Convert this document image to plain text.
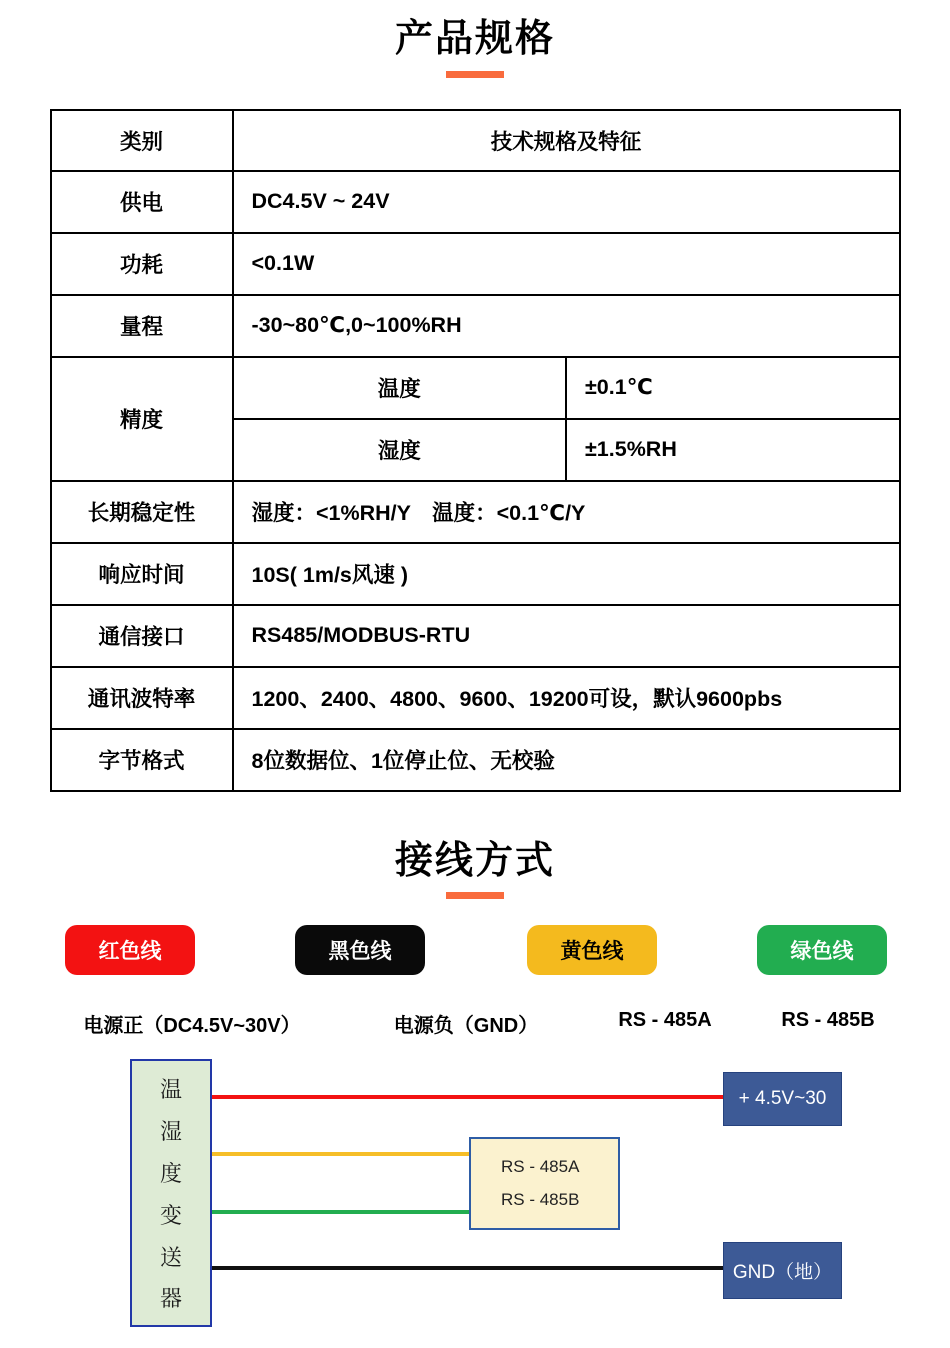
产品规格
类别	技术规格及特征	
供电	DC4.5V ~ 24V	
功耗	<0.1W	
量程	-30~80℃,0~100%RH	
精度	温度	±0.1℃
	湿度	±1.5%RH
长期稳定性	湿度：<1%RH/Y　温度：<0.1℃/Y	
响应时间	10S( 1m/s风速 )	
通信接口	RS485/MODBUS-RTU	
通讯波特率	1200、2400、4800、9600、19200可设，默认9600pbs	
字节格式	8位数据位、1位停止位、无校验	
接线方式
红色线	黑色线	黄色线	绿色线
电源正（DC4.5V~30V）	电源负（GND）	RS - 485A	RS - 485B
温
湿
度
变
送
器
+ 4.5V~30
RS - 485A
RS - 485B
GND（地）
